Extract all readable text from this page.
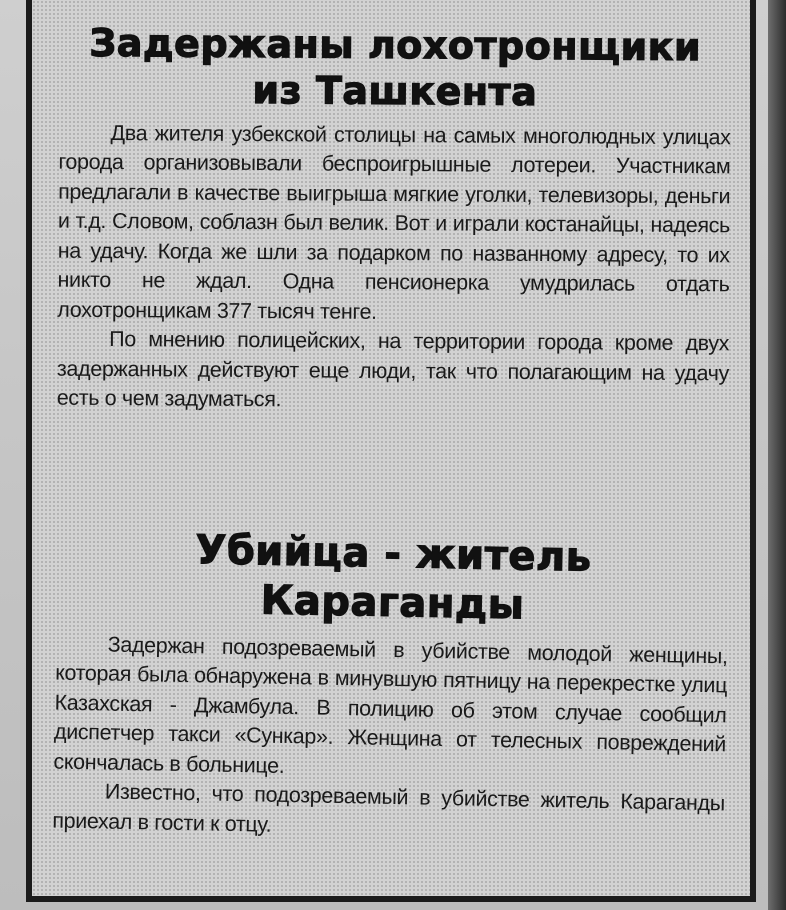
Задержаны лохотронщики
из Ташкента

Два жителя узбекской столицы на самых многолюдных улицах города организовывали беспроигрышные лотереи. Участникам предлагали в качестве выигрыша мягкие уголки, телевизоры, деньги и т.д. Словом, соблазн был велик. Вот и играли костанайцы, надеясь на удачу. Когда же шли за подарком по названному адресу, то их никто не ждал. Одна пенсионерка умудрилась отдать лохотронщикам 377 тысяч тенге.

По мнению полицейских, на территории города кроме двух задержанных действуют еще люди, так что полагающим на удачу есть о чем задуматься.

Убийца - житель
Караганды

Задержан подозреваемый в убийстве молодой женщины, которая была обнаружена в минувшую пятницу на перекрестке улиц Казахская - Джамбула. В полицию об этом случае сообщил диспетчер такси «Сункар». Женщина от телесных повреждений скончалась в больнице.

Известно, что подозреваемый в убийстве житель Караганды приехал в гости к отцу.
